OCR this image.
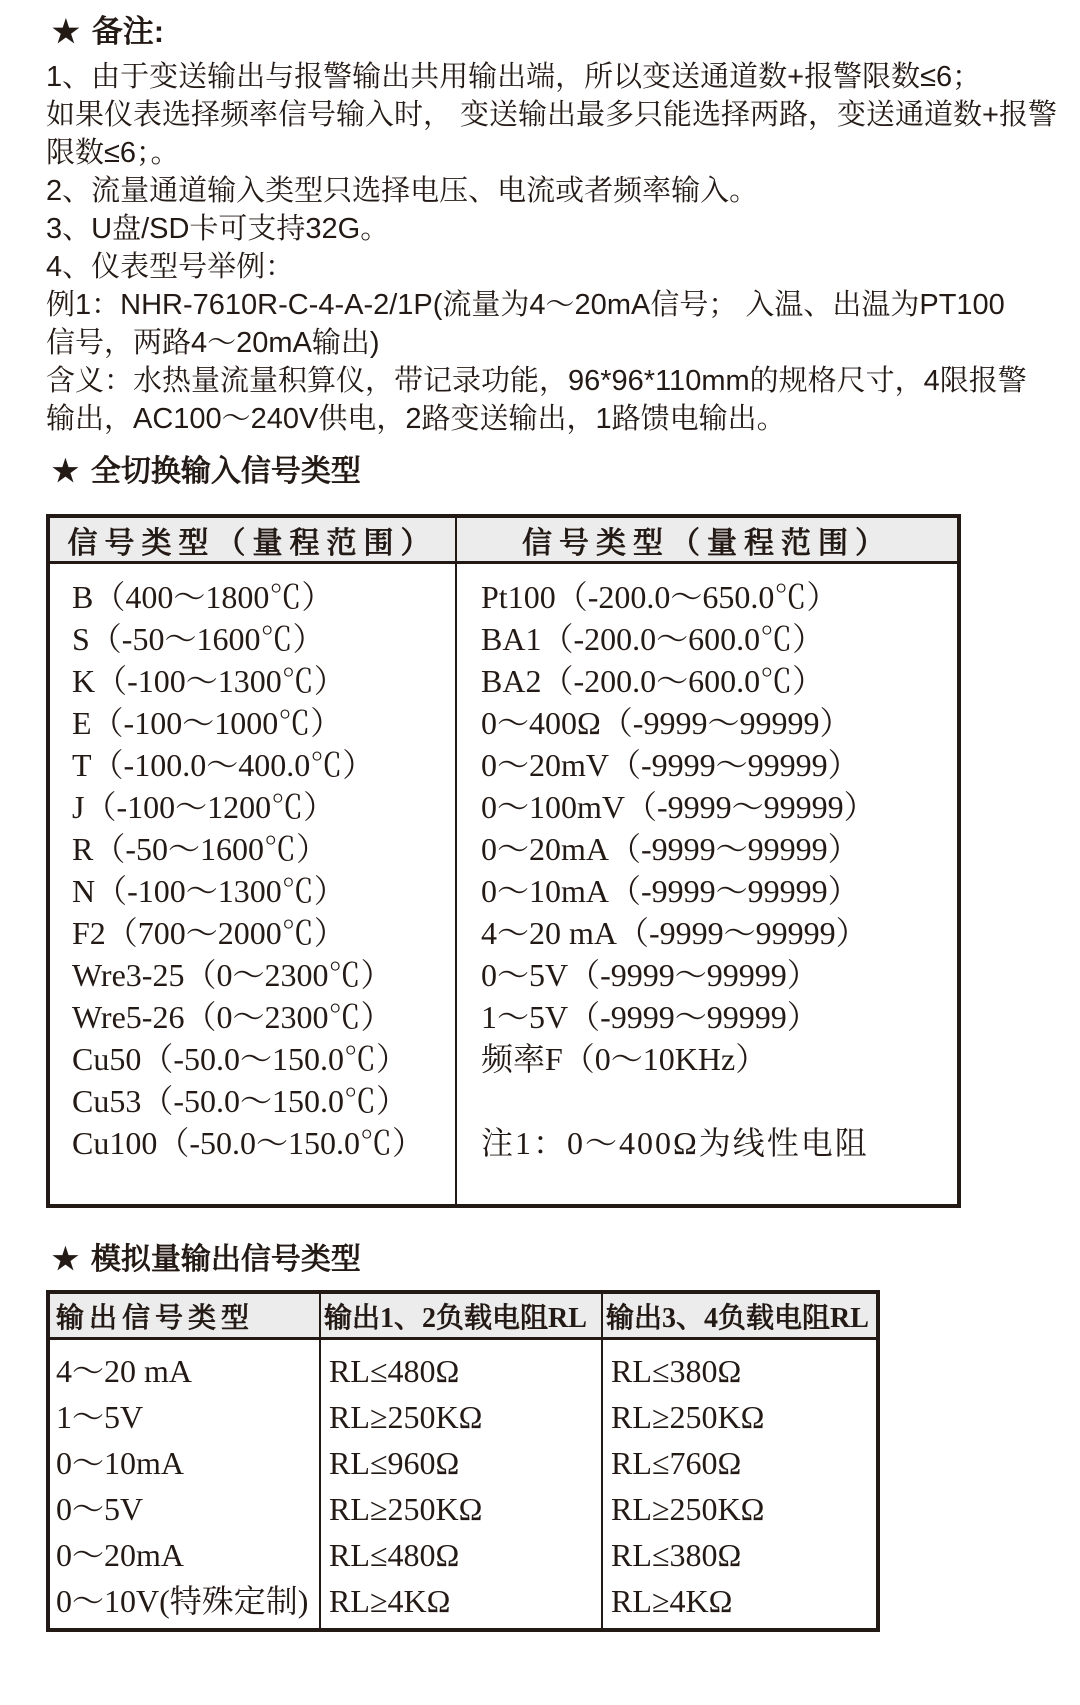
★ 备注:
1、由于变送输出与报警输出共用输出端，所以变送通道数+报警限数≤6；
如果仪表选择频率信号输入时， 变送输出最多只能选择两路，变送通道数+报警
限数≤6；。
2、流量通道输入类型只选择电压、电流或者频率输入。
3、U盘/SD卡可支持32G。
4、仪表型号举例：
例1：NHR-7610R-C-4-A-2/1P(流量为4～20mA信号； 入温、出温为PT100
信号，两路4～20mA输出)
含义：水热量流量积算仪，带记录功能，96*96*110mm的规格尺寸，4限报警
输出，AC100～240V供电，2路变送输出，1路馈电输出。
★ 全切换输入信号类型
信号类型（量程范围）	信号类型（量程范围）
B（400～1800℃）
S（-50～1600℃）
K（-100～1300℃）
E（-100～1000℃）
T（-100.0～400.0℃）
J（-100～1200℃）
R（-50～1600℃）
N（-100～1300℃）
F2（700～2000℃）
Wre3-25（0～2300℃）
Wre5-26（0～2300℃）
Cu50（-50.0～150.0℃）
Cu53（-50.0～150.0℃）
Cu100（-50.0～150.0℃）
Pt100（-200.0～650.0℃）
BA1（-200.0～600.0℃）
BA2（-200.0～600.0℃）
0～400Ω（-9999～99999）
0～20mV（-9999～99999）
0～100mV（-9999～99999）
0～20mA（-9999～99999）
0～10mA（-9999～99999）
4～20 mA（-9999～99999）
0～5V（-9999～99999）
1～5V（-9999～99999）
频率F（0～10KHz）
注1：0～400Ω为线性电阻
★ 模拟量输出信号类型
输出信号类型	输出1、2负载电阻RL 输出3、4负载电阻RL
4～20 mA
1～5V
0～10mA
0～5V
0～20mA
0～10V(特殊定制)
RL≤480Ω
RL≥250KΩ
RL≤960Ω
RL≥250KΩ
RL≤480Ω
RL≥4KΩ
RL≤380Ω
RL≥250KΩ
RL≤760Ω
RL≥250KΩ
RL≤380Ω
RL≥4KΩ
